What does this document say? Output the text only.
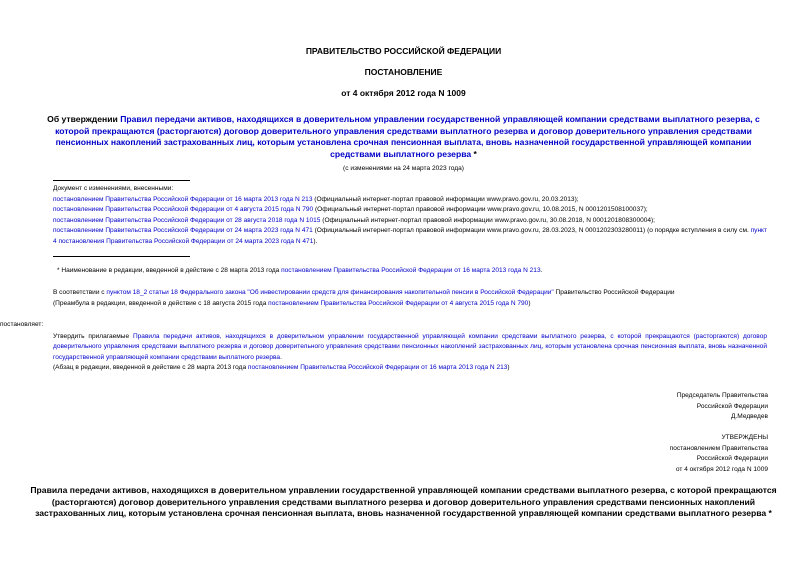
ПРАВИТЕЛЬСТВО РОССИЙСКОЙ ФЕДЕРАЦИИ
ПОСТАНОВЛЕНИЕ
от 4 октября 2012 года N 1009
Об утверждении Правил передачи активов, находящихся в доверительном управлении государственной управляющей компании средствами выплатного резерва, с которой прекращаются (расторгаются) договор доверительного управления средствами выплатного резерва и договор доверительного управления средствами пенсионных накоплений застрахованных лиц, которым установлена срочная пенсионная выплата, вновь назначенной государственной управляющей компании средствами выплатного резерва *
(с изменениями на 24 марта 2023 года)

Документ с изменениями, внесенными:

постановлением Правительства Российской Федерации от 16 марта 2013 года N 213 (Официальный интернет-портал правовой информации www.pravo.gov.ru, 20.03.2013);

постановлением Правительства Российской Федерации от 4 августа 2015 года N 790 (Официальный интернет-портал правовой информации www.pravo.gov.ru, 10.08.2015, N 0001201508100037);

постановлением Правительства Российской Федерации от 28 августа 2018 года N 1015 (Официальный интернет-портал правовой информации www.pravo.gov.ru, 30.08.2018, N 0001201808300004);

постановлением Правительства Российской Федерации от 24 марта 2023 года N 471 (Официальный интернет-портал правовой информации www.pravo.gov.ru, 28.03.2023, N 0001202303280011) (о порядке вступления в силу см. пункт 4 постановления Правительства Российской Федерации от 24 марта 2023 года N 471).

* Наименование в редакции, введенной в действие с 28 марта 2013 года постановлением Правительства Российской Федерации от 16 марта 2013 года N 213.

В соответствии с пунктом 18_2 статьи 18 Федерального закона "Об инвестировании средств для финансирования накопительной пенсии в Российской Федерации" Правительство Российской Федерации

(Преамбула в редакции, введенной в действие с 18 августа 2015 года постановлением Правительства Российской Федерации от 4 августа 2015 года N 790)

постановляет:

Утвердить прилагаемые Правила передачи активов, находящихся в доверительном управлении государственной управляющей компании средствами выплатного резерва, с которой прекращаются (расторгаются) договор доверительного управления средствами выплатного резерва и договор доверительного управления средствами пенсионных накоплений застрахованных лиц, которым установлена срочная пенсионная выплата, вновь назначенной государственной управляющей компании средствами выплатного резерва.

(Абзац в редакции, введенной в действие с 28 марта 2013 года постановлением Правительства Российской Федерации от 16 марта 2013 года N 213)

Председатель Правительства

Российской Федерации

Д.Медведев

УТВЕРЖДЕНЫ

постановлением Правительства

Российской Федерации

от 4 октября 2012 года N 1009

Правила передачи активов, находящихся в доверительном управлении государственной управляющей компании средствами выплатного резерва, с которой прекращаются (расторгаются) договор доверительного управления средствами выплатного резерва и договор доверительного управления средствами пенсионных накоплений застрахованных лиц, которым установлена срочная пенсионная выплата, вновь назначенной государственной управляющей компании средствами выплатного резерва *
